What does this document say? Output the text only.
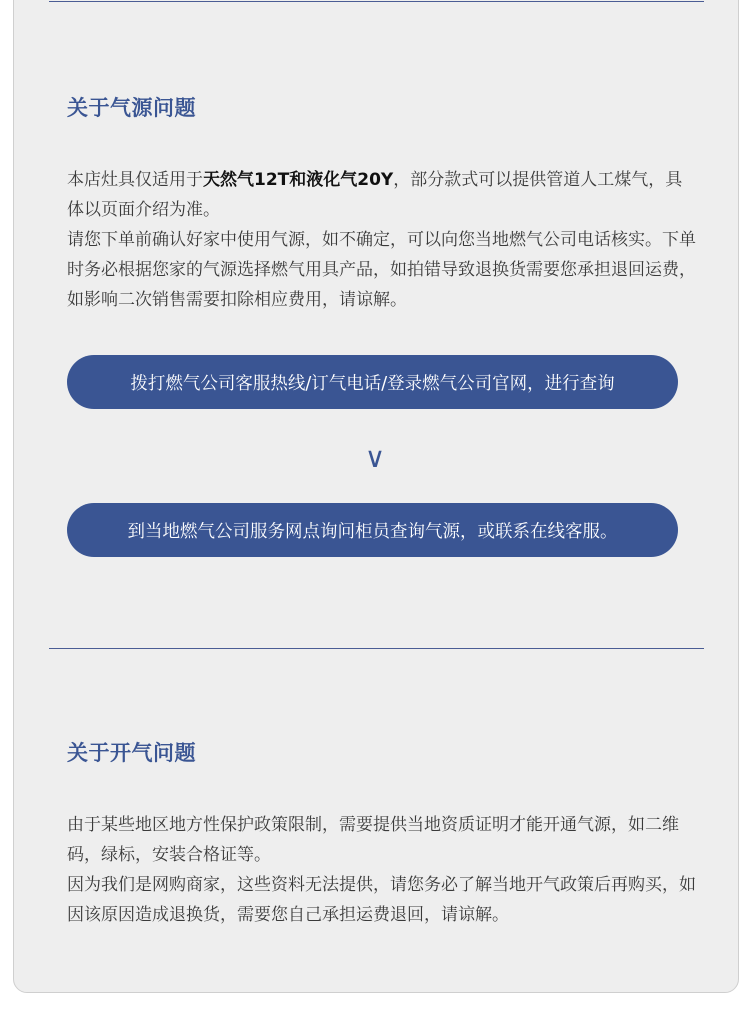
关于气源问题

本店灶具仅适用于天然气12T和液化气20Y，部分款式可以提供管道人工煤气，具体以页面介绍为准。

请您下单前确认好家中使用气源，如不确定，可以向您当地燃气公司电话核实。下单时务必根据您家的气源选择燃气用具产品，如拍错导致退换货需要您承担退回运费，如影响二次销售需要扣除相应费用，请谅解。

拨打燃气公司客服热线/订气电话/登录燃气公司官网，进行查询
∨
到当地燃气公司服务网点询问柜员查询气源，或联系在线客服。
关于开气问题

由于某些地区地方性保护政策限制，需要提供当地资质证明才能开通气源，如二维码，绿标，安装合格证等。

因为我们是网购商家，这些资料无法提供，请您务必了解当地开气政策后再购买，如因该原因造成退换货，需要您自己承担运费退回，请谅解。
